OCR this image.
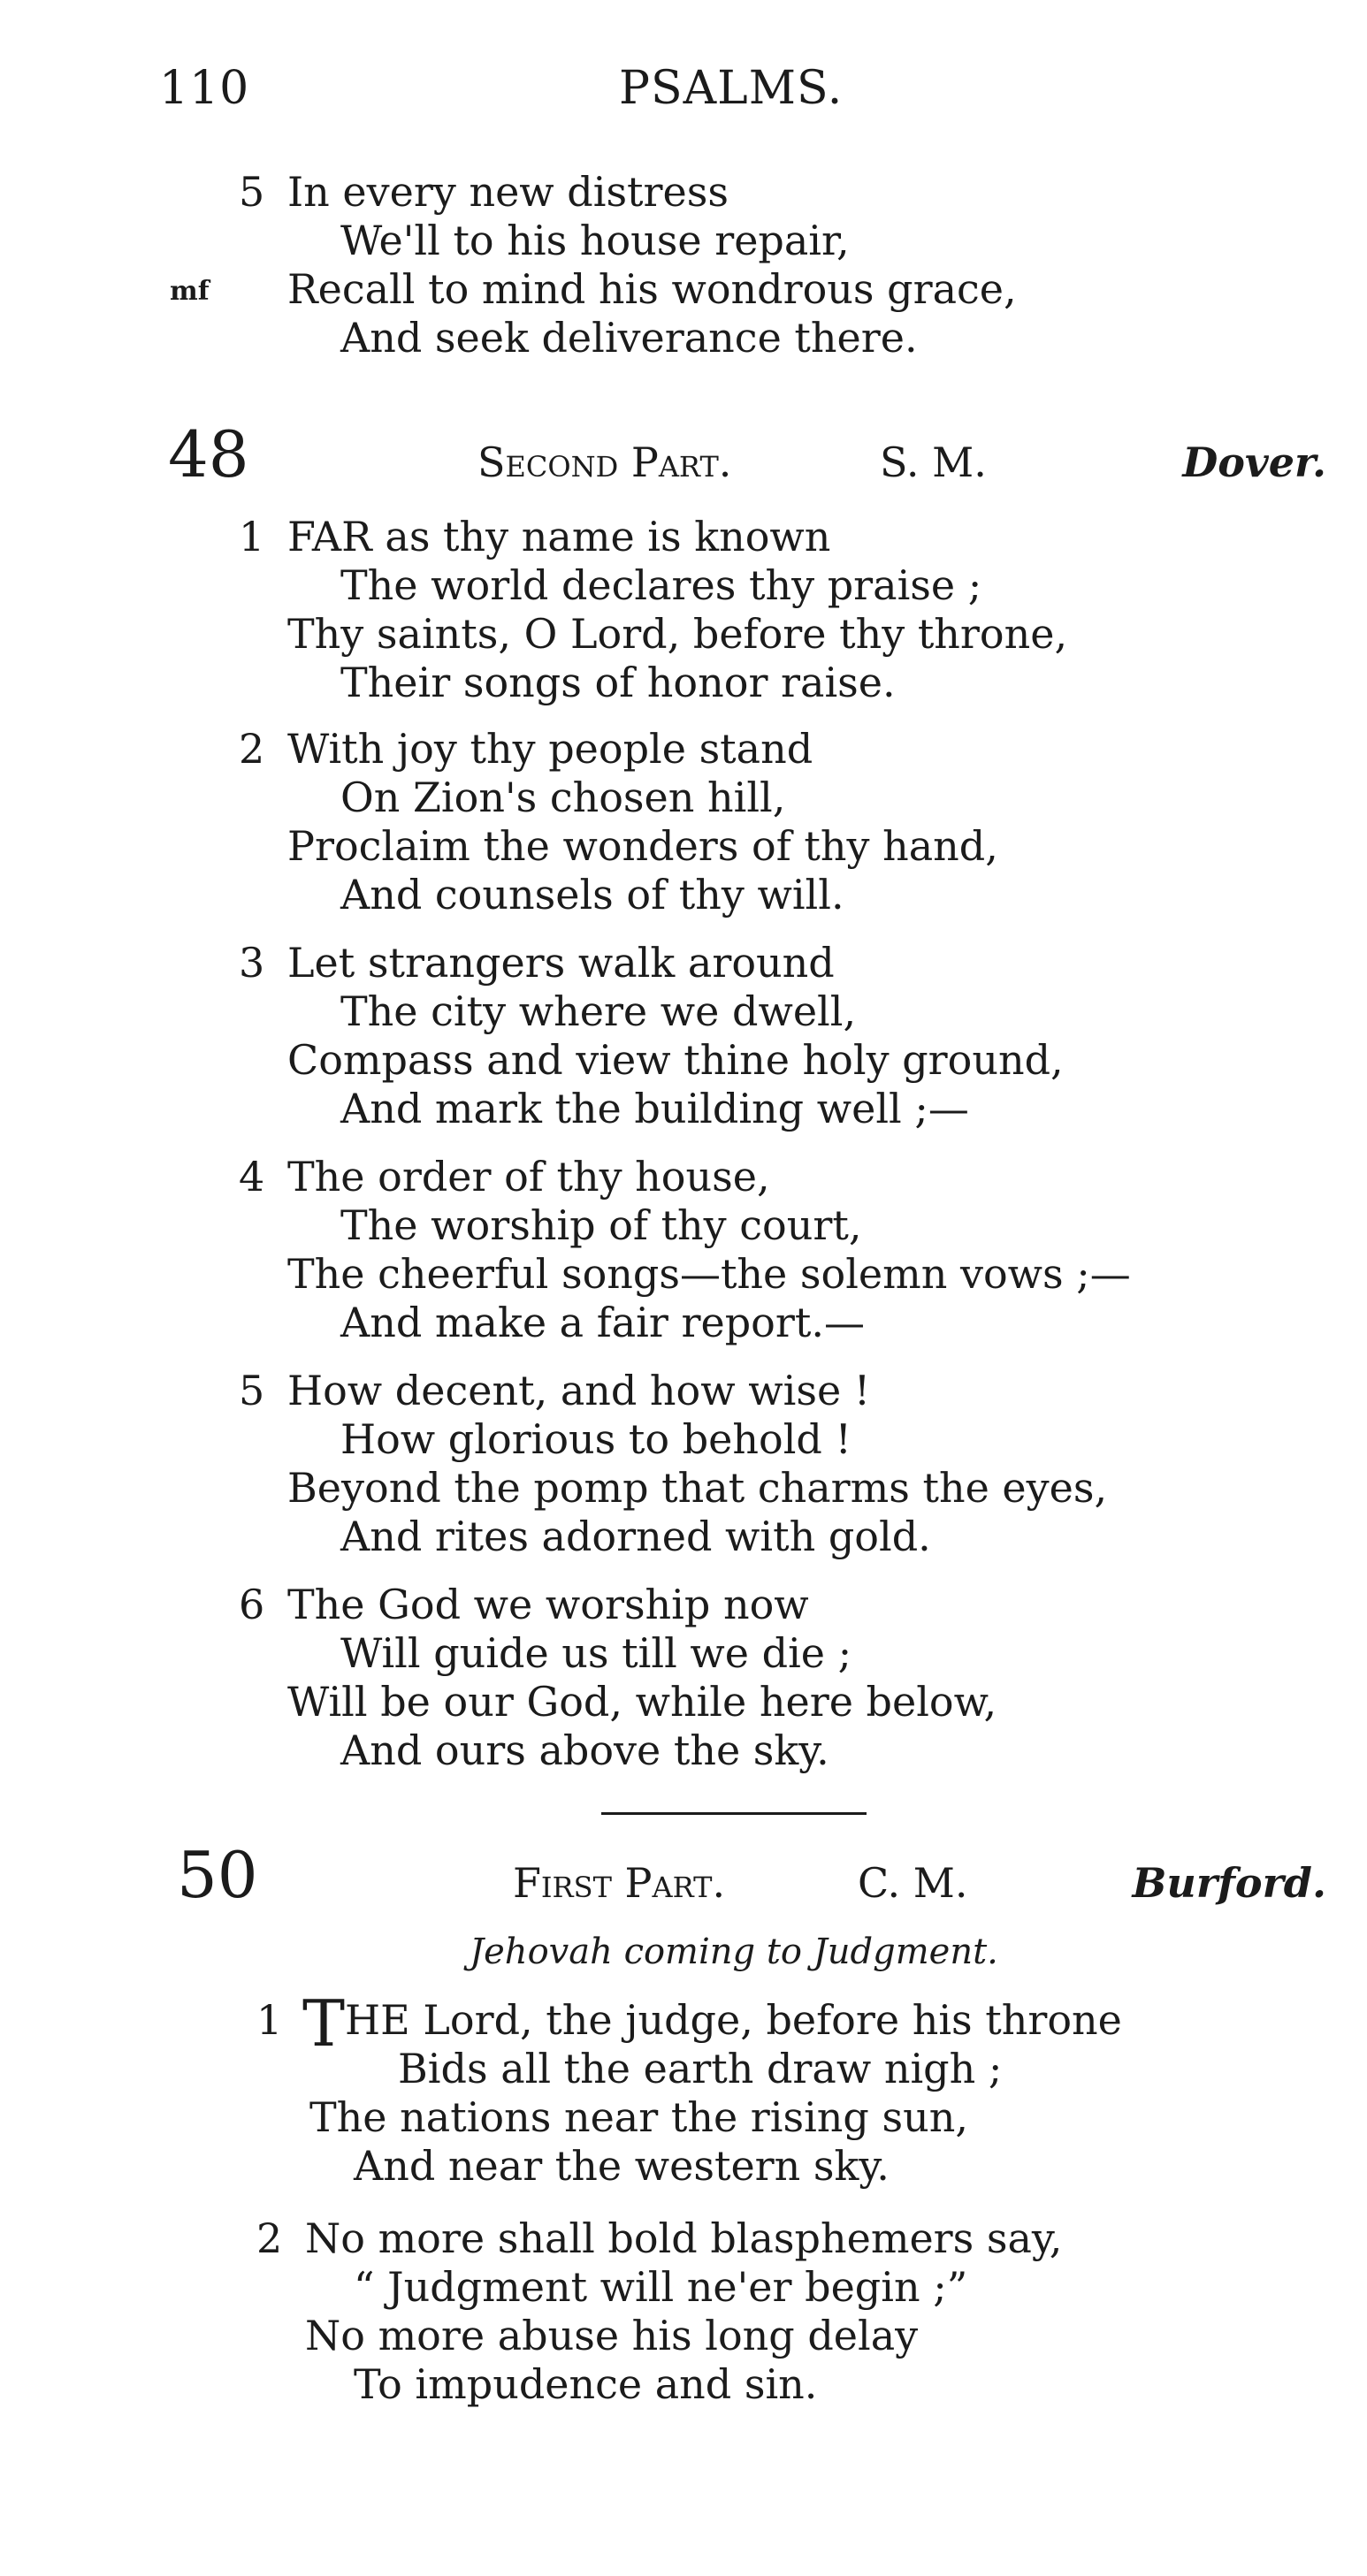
110	PSALMS.
5 In every new distress
We'll to his house repair,
mf Recall to mind his wondrous grace,
And seek deliverance there.
48	Second Part.	S. M.	Dover.
1 FAR as thy name is known
The world declares thy praise ;
Thy saints, O Lord, before thy throne,
Their songs of honor raise.
2 With joy thy people stand
On Zion's chosen hill,
Proclaim the wonders of thy hand,
And counsels of thy will.
3 Let strangers walk around
The city where we dwell,
Compass and view thine holy ground,
And mark the building well ;—
4 The order of thy house,
The worship of thy court,
The cheerful songs—the solemn vows ;—
And make a fair report.—
5 How decent, and how wise !
How glorious to behold !
Beyond the pomp that charms the eyes,
And rites adorned with gold.
6 The God we worship now
Will guide us till we die ;
Will be our God, while here below,
And ours above the sky.
50	First Part.	C. M.	Burford.
Jehovah coming to Judgment.
1 THE Lord, the judge, before his throne
Bids all the earth draw nigh ;
The nations near the rising sun,
And near the western sky.
2 No more shall bold blasphemers say,
“ Judgment will ne'er begin ;”
No more abuse his long delay
To impudence and sin.
